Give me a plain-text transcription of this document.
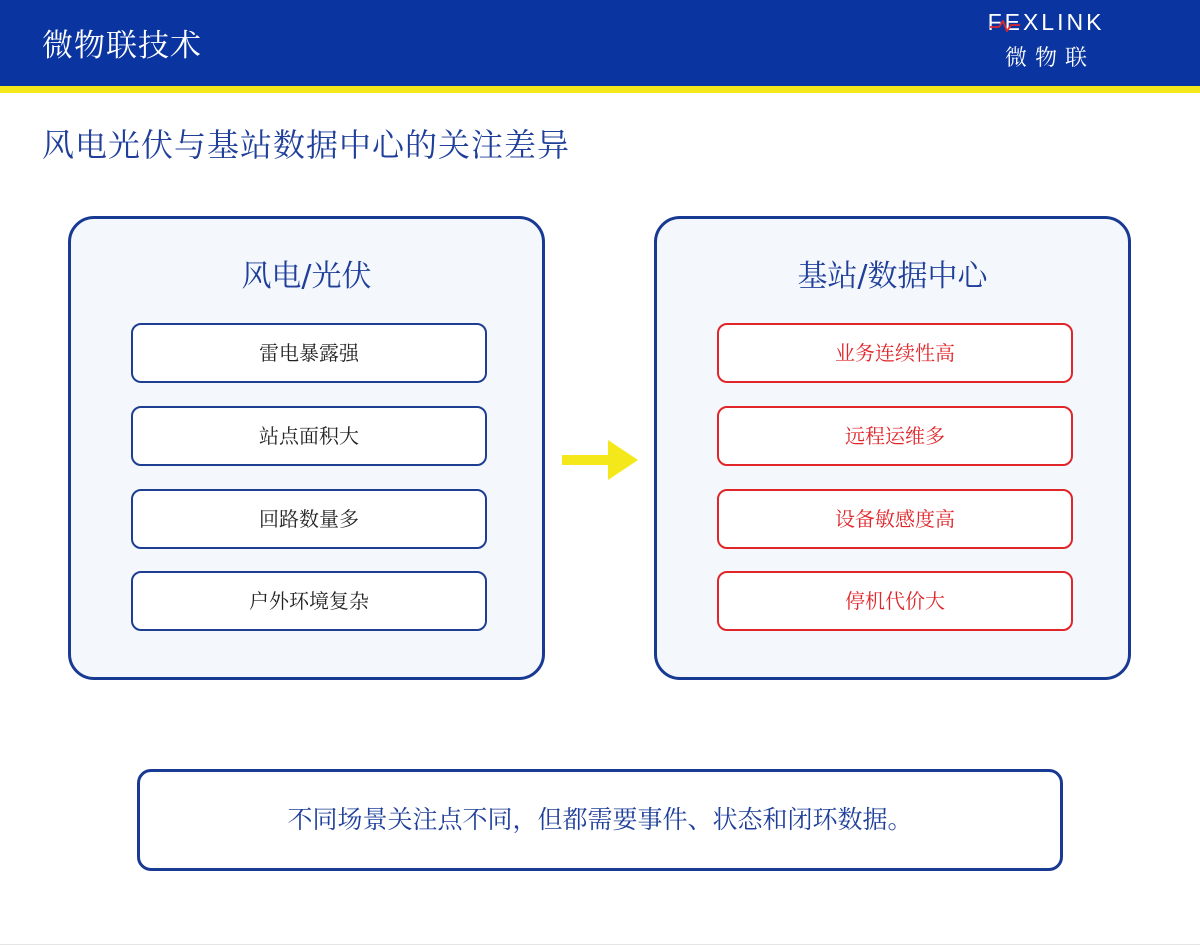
微物联技术
FEXLINK
微物联
风电光伏与基站数据中心的关注差异
风电/光伏
雷电暴露强
站点面积大
回路数量多
户外环境复杂
基站/数据中心
业务连续性高
远程运维多
设备敏感度高
停机代价大
不同场景关注点不同，但都需要事件、状态和闭环数据。
